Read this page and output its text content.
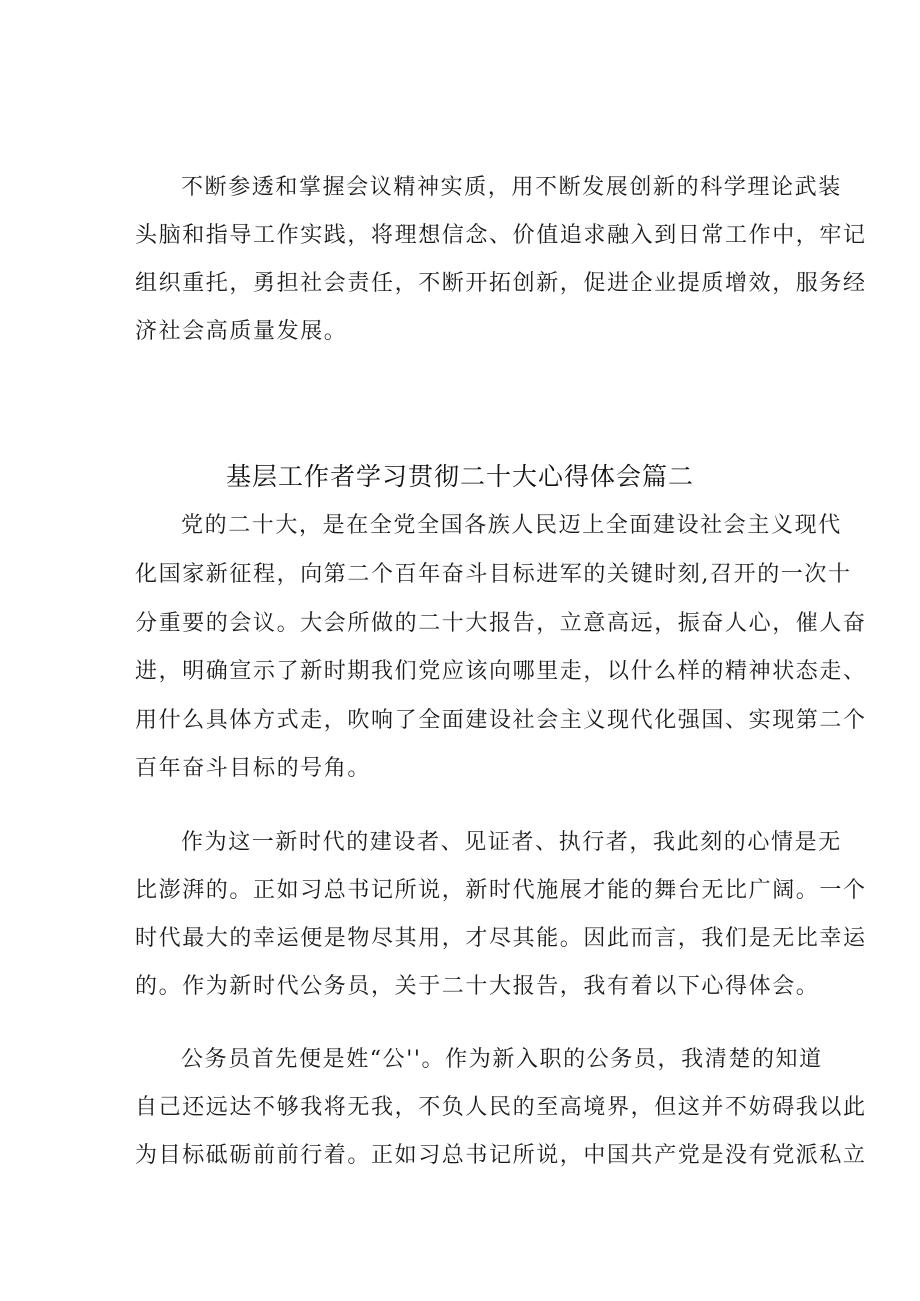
不断参透和掌握会议精神实质，用不断发展创新的科学理论武装

头脑和指导工作实践，将理想信念、价值追求融入到日常工作中，牢记

组织重托，勇担社会责任，不断开拓创新，促进企业提质增效，服务经

济社会高质量发展。

基层工作者学习贯彻二十大心得体会篇二

党的二十大，是在全党全国各族人民迈上全面建设社会主义现代

化国家新征程，向第二个百年奋斗目标进军的关键时刻,召开的一次十

分重要的会议。大会所做的二十大报告，立意高远，振奋人心，催人奋

进，明确宣示了新时期我们党应该向哪里走，以什么样的精神状态走、

用什么具体方式走，吹响了全面建设社会主义现代化强国、实现第二个

百年奋斗目标的号角。

作为这一新时代的建设者、见证者、执行者，我此刻的心情是无

比澎湃的。正如习总书记所说，新时代施展才能的舞台无比广阔。一个

时代最大的幸运便是物尽其用，才尽其能。因此而言，我们是无比幸运

的。作为新时代公务员，关于二十大报告，我有着以下心得体会。

公务员首先便是姓“公''。作为新入职的公务员，我清楚的知道

自己还远达不够我将无我，不负人民的至高境界，但这并不妨碍我以此

为目标砥砺前前行着。正如习总书记所说，中国共产党是没有党派私立
